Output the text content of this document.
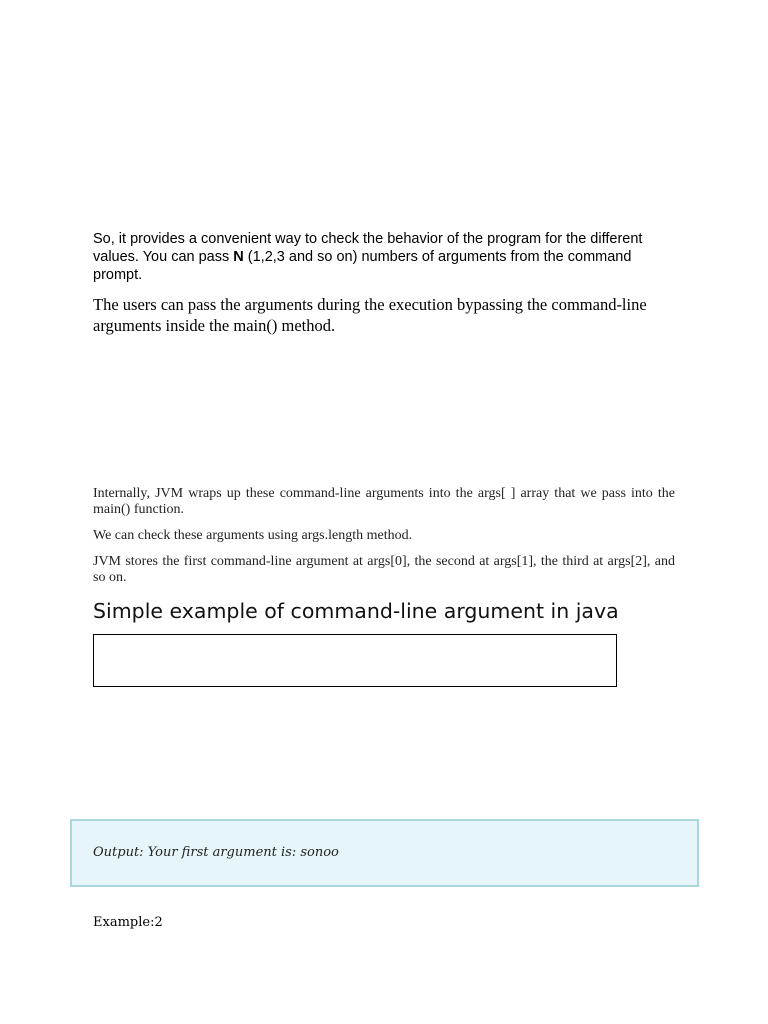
So, it provides a convenient way to check the behavior of the program for the different values. You can pass N (1,2,3 and so on) numbers of arguments from the command prompt.

The users can pass the arguments during the execution bypassing the command-line arguments inside the main() method.

Internally, JVM wraps up these command-line arguments into the args[ ] array that we pass into the main() function.

We can check these arguments using args.length method.

JVM stores the first command-line argument at args[0], the second at args[1], the third at args[2], and so on.

Simple example of command-line argument in java
Output: Your first argument is: sonoo

Example:2
